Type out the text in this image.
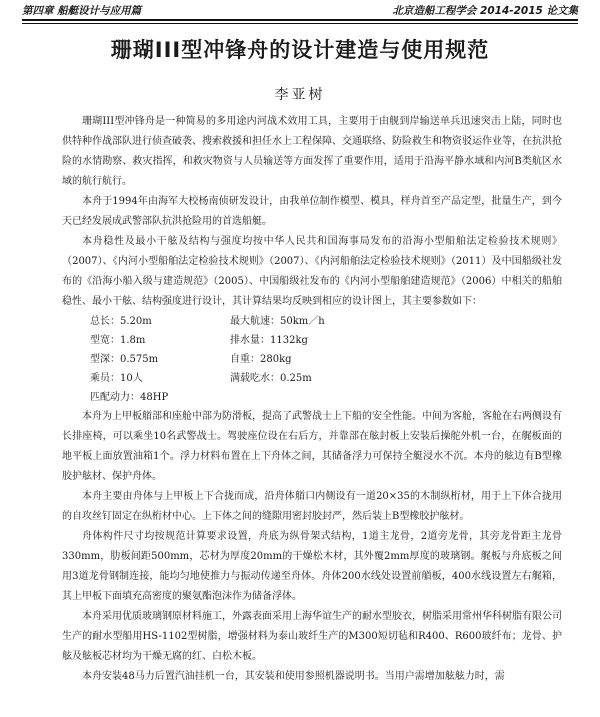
第四章 船艇设计与应用篇	北京造船工程学会 2014-2015 论文集
珊瑚III型冲锋舟的设计建造与使用规范
李亚树

珊瑚III型冲锋舟是一种简易的多用途内河战术效用工具，主要用于由舰到岸输送单兵迅速突击上陆，同时也供特种作战部队进行侦查破袭、搜索救援和担任水上工程保障、交通联络、防险救生和物资驳运作业等，在抗洪抢险的水情勘察、救灾指挥，和救灾物资与人员输送等方面发挥了重要作用，适用于沿海平静水域和内河B类航区水域的航行航行。

本舟于1994年由海军大校杨南侦研发设计，由我单位制作模型、模具，样舟首至产品定型，批量生产，到今天已经发展成武警部队抗洪抢险用的首选船艇。

本舟稳性及最小干舷及结构与强度均按中华人民共和国海事局发布的沿海小型船舶法定检验技术规则》（2007）、《内河小型船舶法定检验技术规则》（2007）、《内河船舶法定检验技术规则》（2011）及中国船级社发布的《沿海小船入级与建造规范》（2005）、中国船级社发布的《内河小型船舶建造规范》（2006）中相关的船舶稳性、最小干舷、结构强度进行设计，其计算结果均反映到相应的设计图上，其主要参数如下：

总长：5.20m	最大航速：50km／h
型宽：1.8m	排水量：1132kg
型深：0.575m	自重：280kg
乘员：10人	满载吃水：0.25m
匹配动力：48HP

本舟为上甲板艏部和座舱中部为防滑板，提高了武警战士上下船的安全性能。中间为客舱，客舱在右两侧设有长排座椅，可以乘坐10名武警战士。驾驶座位设在右后方，并靠部在舷封板上安装后操舵外机一台，在艉板面的地平板上面放置油箱1个。浮力材料布置在上下舟体之间，其储备浮力可保持全艇浸水不沉。本舟的舷边有B型橡胶护舷材、保护舟体。

本舟主要由舟体与上甲板上下合拢而成，沿舟体艏口内侧设有一道20×35的木制纵桁材，用于上下体合拢用的自攻丝钉固定在纵桁材中心。上下体之间的缝隙用密封胶封严，然后装上B型橡胶护舷材。

舟体构件尺寸均按规范计算要求设置，舟底为纵骨架式结构，1道主龙骨，2道旁龙骨，其旁龙骨距主龙骨330mm，肋板间距500mm，芯材为厚度20mm的干燥松木材，其外覆2mm厚度的玻璃钢。艉板与舟底板之间用3道龙骨钢制连接，能均匀地使推力与振动传递至舟体。舟体200水线处设置前艏板，400水线设置左右艉箱，其上甲板下面填充高密度的聚氨酯泡沫作为储备浮体。

本舟采用优质玻璃钢原材料施工，外露表面采用上海华谊生产的耐水型胶衣，树脂采用常州华科树脂有限公司生产的耐水型船用HS-1102型树脂，增强材料为泰山玻纤生产的M300短切毡和R400、R600玻纤布；龙骨、护舷及舷板芯材均为干燥无腐的红、白松木板。

本舟安装48马力后置汽油挂机一台，其安装和使用参照机器说明书。当用户需增加舷舷力时，需
